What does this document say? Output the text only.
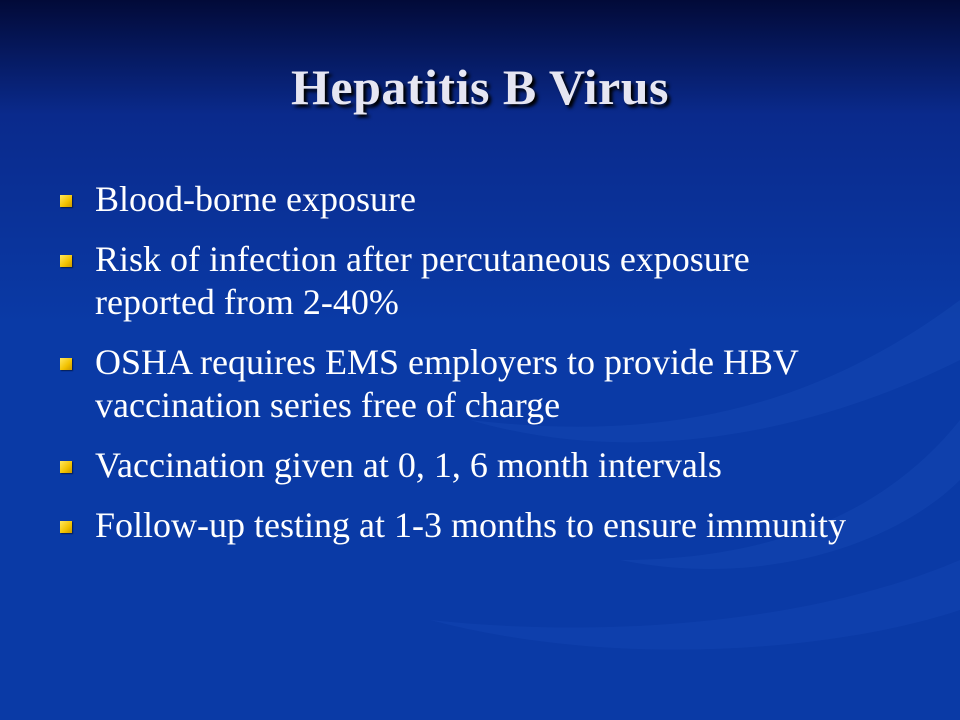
Hepatitis B Virus
Blood-borne exposure
Risk of infection after percutaneous exposure reported from 2-40%
OSHA requires EMS employers to provide HBV vaccination series free of charge
Vaccination given at 0, 1, 6 month intervals
Follow-up testing at 1-3 months to ensure immunity
